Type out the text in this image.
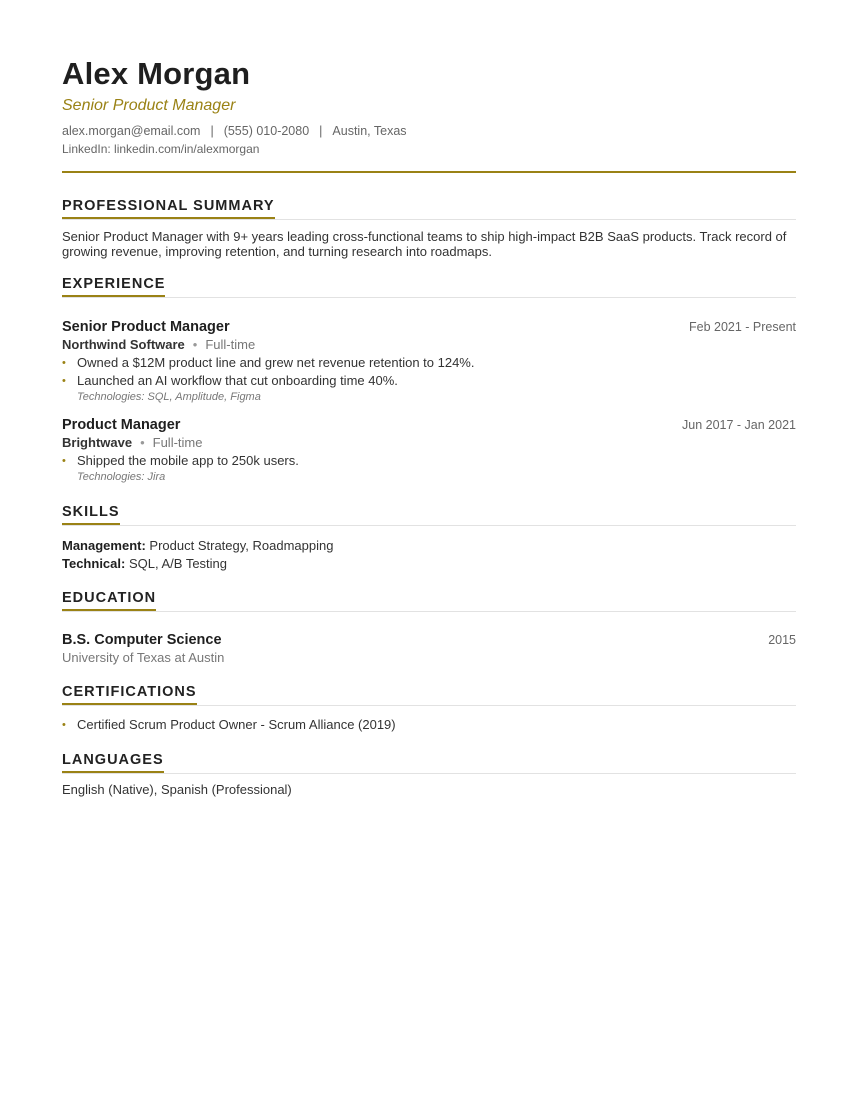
Alex Morgan
Senior Product Manager
alex.morgan@email.com | (555) 010-2080 | Austin, Texas
LinkedIn: linkedin.com/in/alexmorgan
PROFESSIONAL SUMMARY
Senior Product Manager with 9+ years leading cross-functional teams to ship high-impact B2B SaaS products. Track record of growing revenue, improving retention, and turning research into roadmaps.
EXPERIENCE
Senior Product Manager	Feb 2021 - Present
Northwind Software • Full-time
• Owned a $12M product line and grew net revenue retention to 124%.
• Launched an AI workflow that cut onboarding time 40%.
Technologies: SQL, Amplitude, Figma
Product Manager	Jun 2017 - Jan 2021
Brightwave • Full-time
• Shipped the mobile app to 250k users.
Technologies: Jira
SKILLS
Management: Product Strategy, Roadmapping
Technical: SQL, A/B Testing
EDUCATION
B.S. Computer Science	2015
University of Texas at Austin
CERTIFICATIONS
• Certified Scrum Product Owner - Scrum Alliance (2019)
LANGUAGES
English (Native), Spanish (Professional)
